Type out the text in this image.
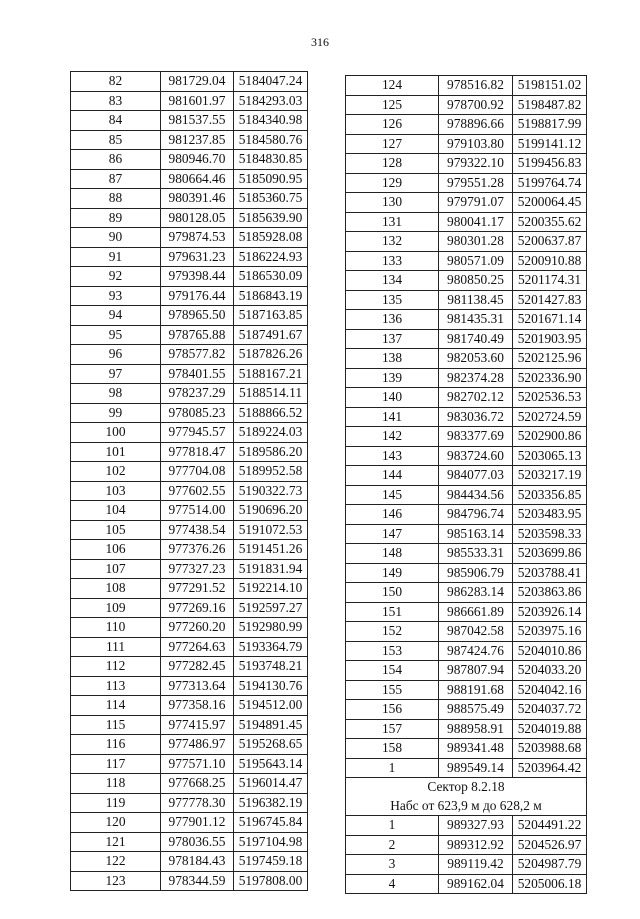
316
82	981729.04	5184047.24
83	981601.97	5184293.03
84	981537.55	5184340.98
85	981237.85	5184580.76
86	980946.70	5184830.85
87	980664.46	5185090.95
88	980391.46	5185360.75
89	980128.05	5185639.90
90	979874.53	5185928.08
91	979631.23	5186224.93
92	979398.44	5186530.09
93	979176.44	5186843.19
94	978965.50	5187163.85
95	978765.88	5187491.67
96	978577.82	5187826.26
97	978401.55	5188167.21
98	978237.29	5188514.11
99	978085.23	5188866.52
100	977945.57	5189224.03
101	977818.47	5189586.20
102	977704.08	5189952.58
103	977602.55	5190322.73
104	977514.00	5190696.20
105	977438.54	5191072.53
106	977376.26	5191451.26
107	977327.23	5191831.94
108	977291.52	5192214.10
109	977269.16	5192597.27
110	977260.20	5192980.99
111	977264.63	5193364.79
112	977282.45	5193748.21
113	977313.64	5194130.76
114	977358.16	5194512.00
115	977415.97	5194891.45
116	977486.97	5195268.65
117	977571.10	5195643.14
118	977668.25	5196014.47
119	977778.30	5196382.19
120	977901.12	5196745.84
121	978036.55	5197104.98
122	978184.43	5197459.18
123	978344.59	5197808.00
124	978516.82	5198151.02
125	978700.92	5198487.82
126	978896.66	5198817.99
127	979103.80	5199141.12
128	979322.10	5199456.83
129	979551.28	5199764.74
130	979791.07	5200064.45
131	980041.17	5200355.62
132	980301.28	5200637.87
133	980571.09	5200910.88
134	980850.25	5201174.31
135	981138.45	5201427.83
136	981435.31	5201671.14
137	981740.49	5201903.95
138	982053.60	5202125.96
139	982374.28	5202336.90
140	982702.12	5202536.53
141	983036.72	5202724.59
142	983377.69	5202900.86
143	983724.60	5203065.13
144	984077.03	5203217.19
145	984434.56	5203356.85
146	984796.74	5203483.95
147	985163.14	5203598.33
148	985533.31	5203699.86
149	985906.79	5203788.41
150	986283.14	5203863.86
151	986661.89	5203926.14
152	987042.58	5203975.16
153	987424.76	5204010.86
154	987807.94	5204033.20
155	988191.68	5204042.16
156	988575.49	5204037.72
157	988958.91	5204019.88
158	989341.48	5203988.68
1	989549.14	5203964.42
Сектор 8.2.18		
Набс от 623,9 м до 628,2 м		
1	989327.93	5204491.22
2	989312.92	5204526.97
3	989119.42	5204987.79
4	989162.04	5205006.18
